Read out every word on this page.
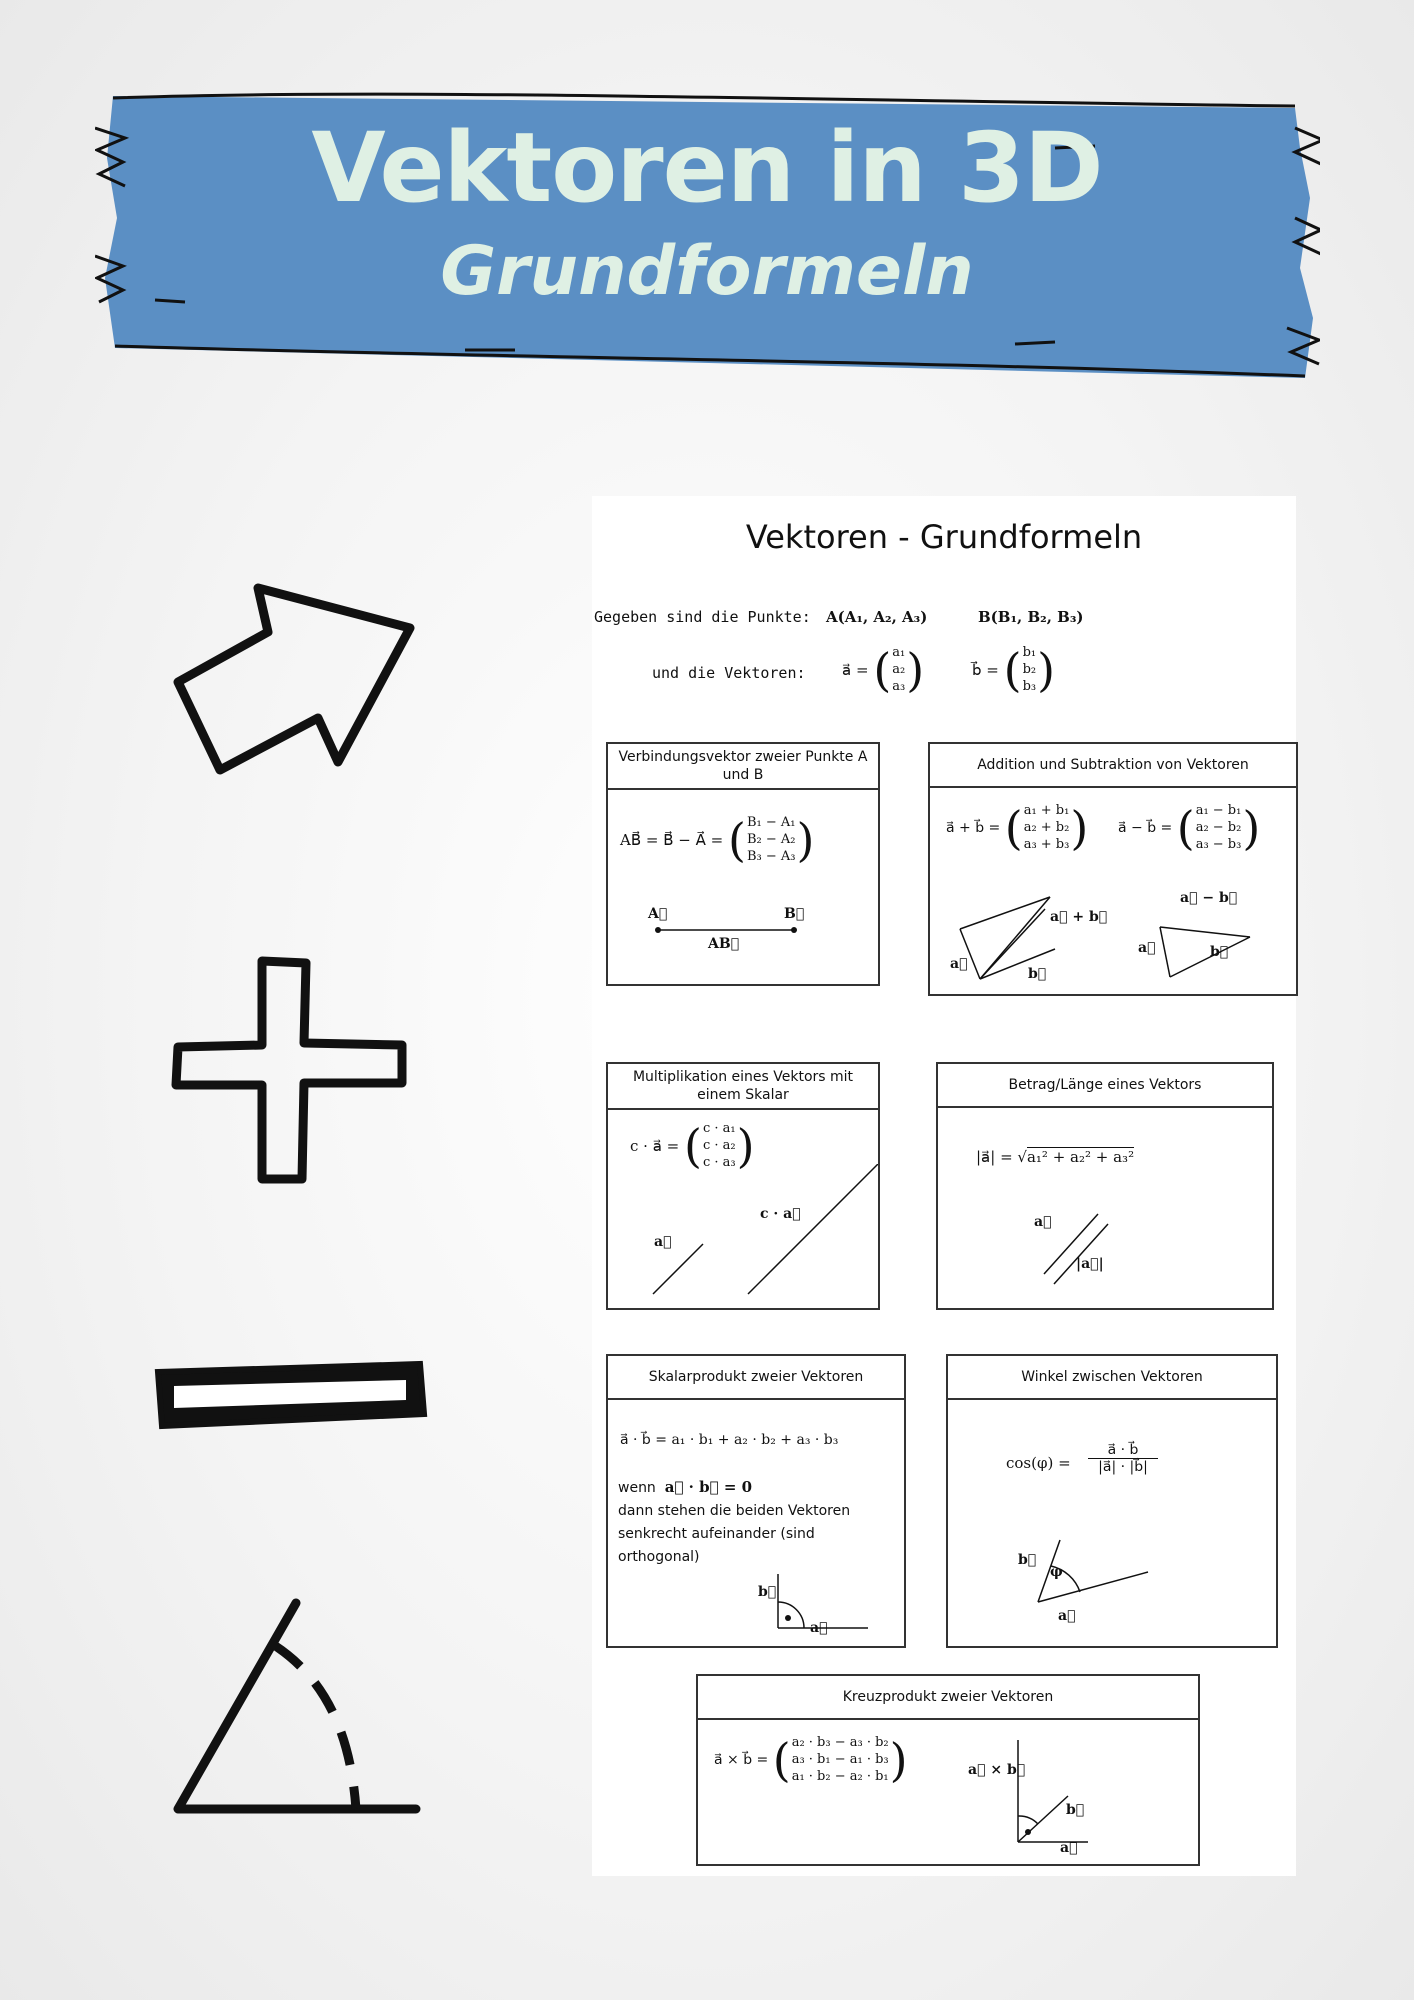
Vektoren in 3D
Grundformeln
Vektoren - Grundformeln
Gegeben sind die Punkte: A(A₁, A₂, A₃)	B(B₁, B₂, B₃)
und die Vektoren: a⃗ =
( a₁
a₂
a₃ )	b⃗ =
( b₁
b₂
b₃ )
Verbindungsvektor zweier Punkte A und B
AB⃗ = B⃗ − A⃗ =
( B₁ − A₁
B₂ − A₂
B₃ − A₃ )
A⃗	B⃗
AB⃗
Addition und Subtraktion von Vektoren
a⃗ + b⃗ =
( a₁ + b₁
a₂ + b₂
a₃ + b₃ ) a⃗ − b⃗ =
( a₁ − b₁
a₂ − b₂
a₃ − b₃ )
a⃗ + b⃗
a⃗
b⃗
a⃗ − b⃗
a⃗	b⃗
Multiplikation eines Vektors mit einem Skalar
c · a⃗ =
( c · a₁
c · a₂
c · a₃ )
a⃗
c · a⃗
Betrag/Länge eines Vektors
|a⃗| = √a₁² + a₂² + a₃²
a⃗
|a⃗|
Skalarprodukt zweier Vektoren
a⃗ · b⃗ = a₁ · b₁ + a₂ · b₂ + a₃ · b₃
wenn a⃗ · b⃗ = 0
dann stehen die beiden Vektoren
senkrecht aufeinander (sind
orthogonal)
b⃗
a⃗
Winkel zwischen Vektoren
cos(φ) =
a⃗ · b⃗
|a⃗| · |b⃗|
b⃗
φ
a⃗
Kreuzprodukt zweier Vektoren
a⃗ × b⃗ =
( a₂ · b₃ − a₃ · b₂
a₃ · b₁ − a₁ · b₃
a₁ · b₂ − a₂ · b₁ )	a⃗ × b⃗
b⃗
a⃗
